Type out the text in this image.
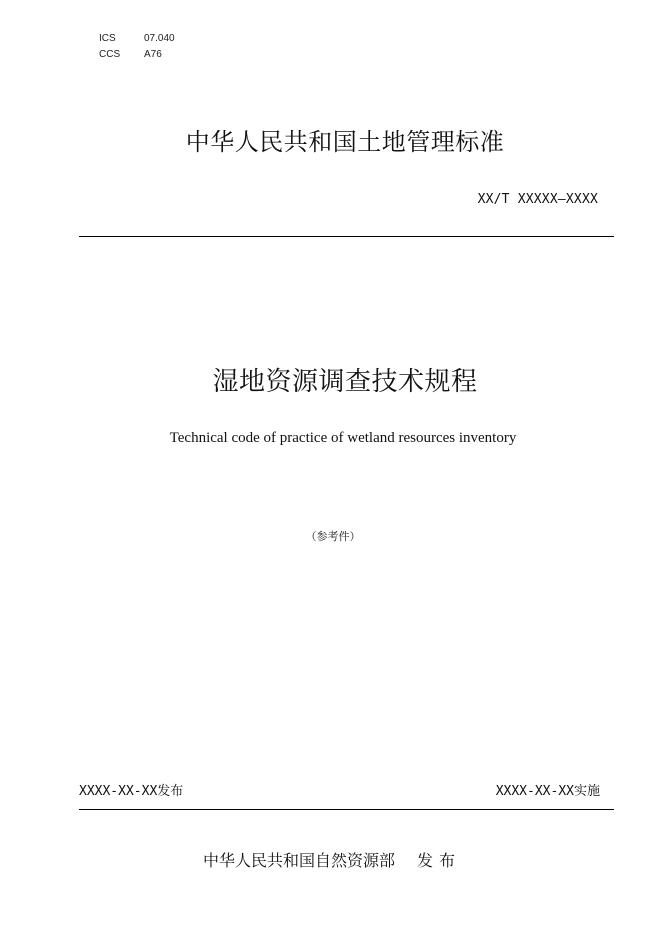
ICS	07.040
CCS	A76
中华人民共和国土地管理标准
XX/T XXXXX—XXXX
湿地资源调查技术规程
Technical code of practice of wetland resources inventory
（参考件）
XXXX-XX-XX发布	XXXX-XX-XX实施
中华人民共和国自然资源部 发布
